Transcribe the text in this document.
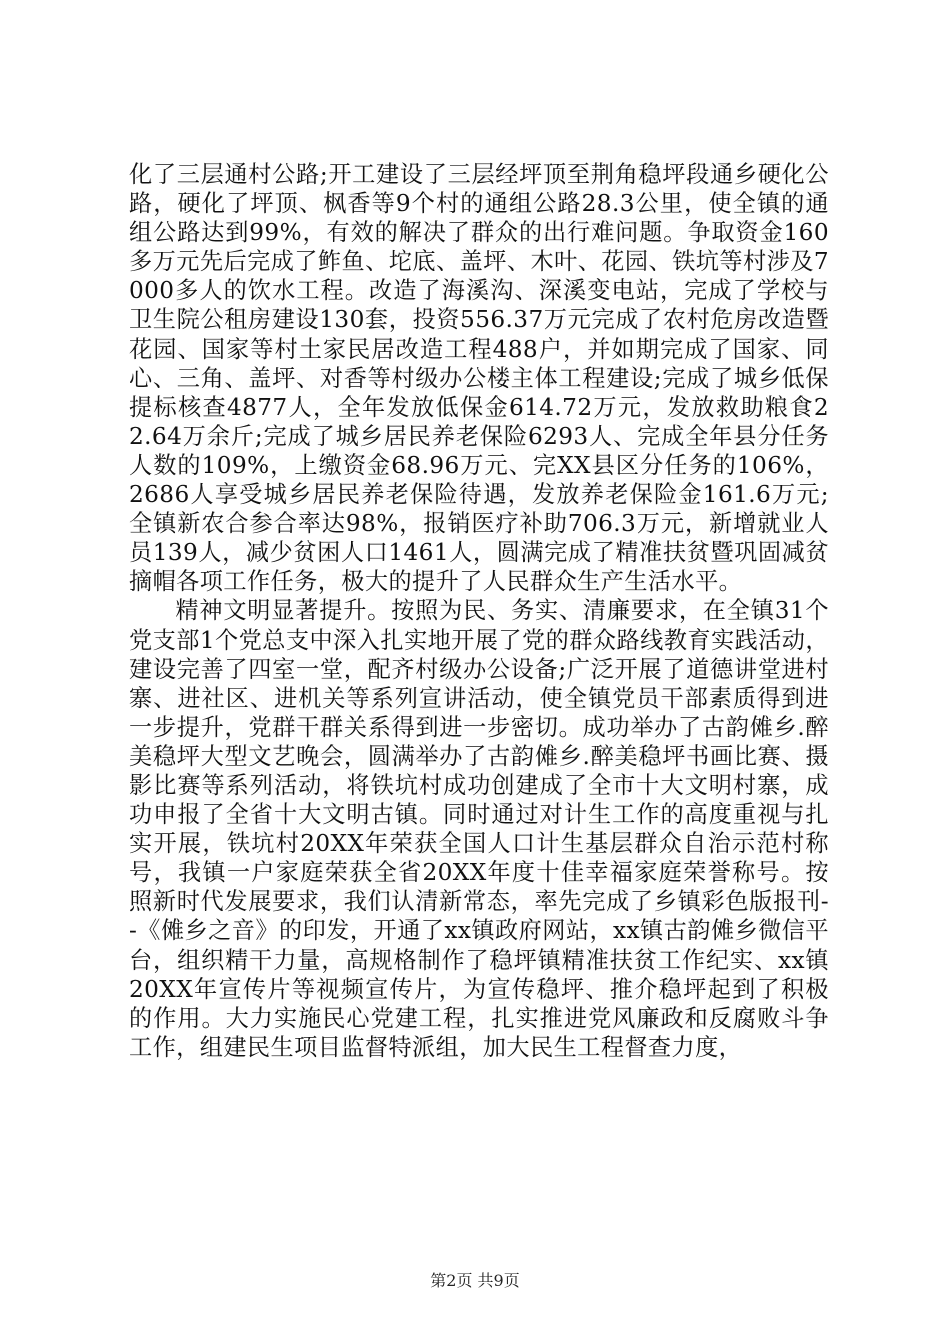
化了三层通村公路;开工建设了三层经坪顶至荆角稳坪段通乡硬化公路，硬化了坪顶、枫香等9个村的通组公路28.3公里，使全镇的通组公路达到99%，有效的解决了群众的出行难问题。争取资金160多万元先后完成了鲊鱼、坨底、盖坪、木叶、花园、铁坑等村涉及7000多人的饮水工程。改造了海溪沟、深溪变电站，完成了学校与卫生院公租房建设130套，投资556.37万元完成了农村危房改造暨花园、国家等村土家民居改造工程488户，并如期完成了国家、同心、三角、盖坪、对香等村级办公楼主体工程建设;完成了城乡低保提标核查4877人，全年发放低保金614.72万元，发放救助粮食22.64万余斤;完成了城乡居民养老保险6293人、完成全年县分任务人数的109%，上缴资金68.96万元、完XX县区分任务的106%，2686人享受城乡居民养老保险待遇，发放养老保险金161.6万元;全镇新农合参合率达98%，报销医疗补助706.3万元，新增就业人员139人，减少贫困人口1461人，圆满完成了精准扶贫暨巩固减贫摘帽各项工作任务，极大的提升了人民群众生产生活水平。

精神文明显著提升。按照为民、务实、清廉要求，在全镇31个党支部1个党总支中深入扎实地开展了党的群众路线教育实践活动，建设完善了四室一堂，配齐村级办公设备;广泛开展了道德讲堂进村寨、进社区、进机关等系列宣讲活动，使全镇党员干部素质得到进一步提升，党群干群关系得到进一步密切。成功举办了古韵傩乡.醉美稳坪大型文艺晚会，圆满举办了古韵傩乡.醉美稳坪书画比赛、摄影比赛等系列活动，将铁坑村成功创建成了全市十大文明村寨，成功申报了全省十大文明古镇。同时通过对计生工作的高度重视与扎实开展，铁坑村20XX年荣获全国人口计生基层群众自治示范村称号，我镇一户家庭荣获全省20XX年度十佳幸福家庭荣誉称号。按照新时代发展要求，我们认清新常态，率先完成了乡镇彩色版报刊--《傩乡之音》的印发，开通了xx镇政府网站，xx镇古韵傩乡微信平台，组织精干力量，高规格制作了稳坪镇精准扶贫工作纪实、xx镇20XX年宣传片等视频宣传片，为宣传稳坪、推介稳坪起到了积极的作用。大力实施民心党建工程，扎实推进党风廉政和反腐败斗争工作，组建民生项目监督特派组，加大民生工程督查力度，

第2页 共9页
